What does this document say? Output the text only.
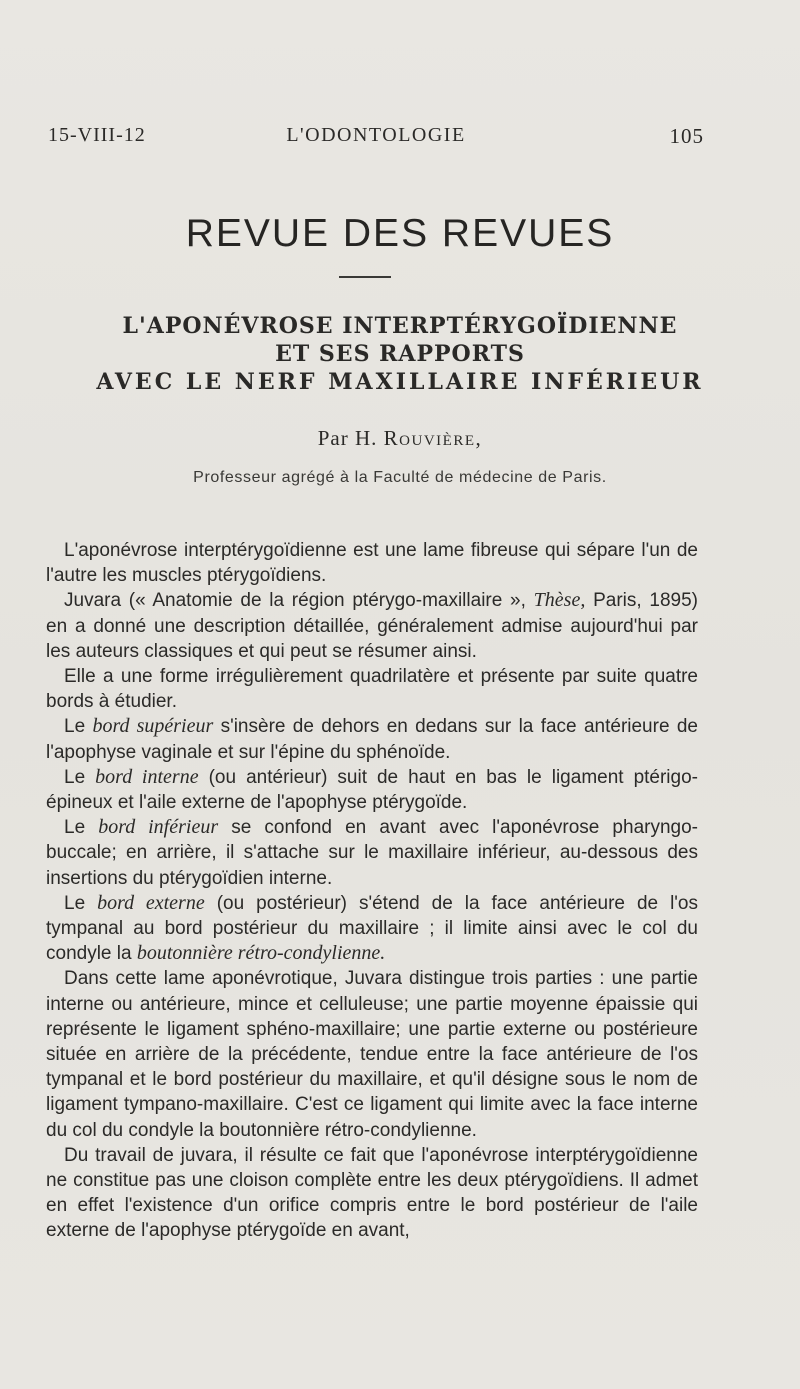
15-VIII-12	L'ODONTOLOGIE	105
REVUE DES REVUES
L'APONÉVROSE INTERPTÉRYGOÏDIENNE
ET SES RAPPORTS
AVEC LE NERF MAXILLAIRE INFÉRIEUR
Par H. Rouvière,
Professeur agrégé à la Faculté de médecine de Paris.

L'aponévrose interptérygoïdienne est une lame fibreuse qui sépare l'un de l'autre les muscles ptérygoïdiens.

Juvara (« Anatomie de la région ptérygo-maxillaire », Thèse, Paris, 1895) en a donné une description détaillée, généralement admise aujourd'hui par les auteurs classiques et qui peut se résumer ainsi.

Elle a une forme irrégulièrement quadrilatère et présente par suite quatre bords à étudier.

Le bord supérieur s'insère de dehors en dedans sur la face antérieure de l'apophyse vaginale et sur l'épine du sphénoïde.

Le bord interne (ou antérieur) suit de haut en bas le ligament ptérigo-épineux et l'aile externe de l'apophyse ptérygoïde.

Le bord inférieur se confond en avant avec l'aponévrose pharyngo-buccale; en arrière, il s'attache sur le maxillaire inférieur, au-dessous des insertions du ptérygoïdien interne.

Le bord externe (ou postérieur) s'étend de la face antérieure de l'os tympanal au bord postérieur du maxillaire ; il limite ainsi avec le col du condyle la boutonnière rétro-condylienne.

Dans cette lame aponévrotique, Juvara distingue trois parties : une partie interne ou antérieure, mince et celluleuse; une partie moyenne épaissie qui représente le ligament sphéno-maxillaire; une partie externe ou postérieure située en arrière de la précédente, tendue entre la face antérieure de l'os tympanal et le bord postérieur du maxillaire, et qu'il désigne sous le nom de ligament tympano-maxillaire. C'est ce ligament qui limite avec la face interne du col du condyle la boutonnière rétro-condylienne.

Du travail de juvara, il résulte ce fait que l'aponévrose interptérygoïdienne ne constitue pas une cloison complète entre les deux ptérygoïdiens. Il admet en effet l'existence d'un orifice compris entre le bord postérieur de l'aile externe de l'apophyse ptérygoïde en avant,
